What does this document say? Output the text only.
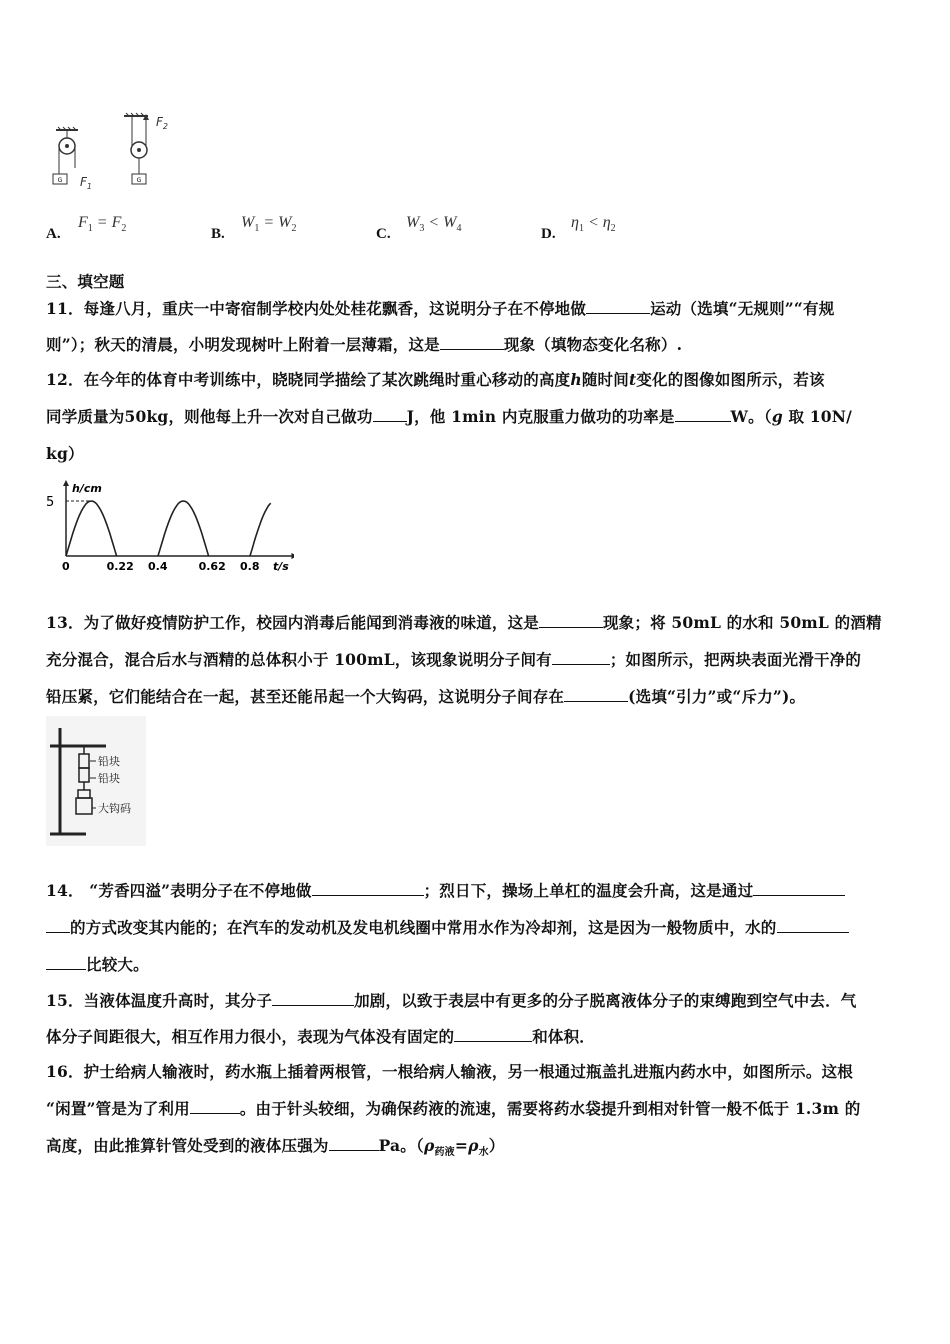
G $F_1$
G
$F_2$
A.
$F_1 = F_2$	B.
$W_1 = W_2$	C.
$W_3 < W_4$	D.
$\eta_1 < \eta_2$
三、填空题
11．每逢八月，重庆一中寄宿制学校内处处桂花飘香，这说明分子在不停地做	运动（选填“无规则”“有规
则”）；秋天的清晨，小明发现树叶上附着一层薄霜，这是	现象（填物态变化名称）.
12．在今年的体育中考训练中，晓晓同学描绘了某次跳绳时重心移动的高度h随时间t变化的图像如图所示，若该
同学质量为50kg，则他每上升一次对自己做功 J，他 1min 内克服重力做功的功率是	W。（g 取 10N/
kg）
h/cm
t/s
5
0	0.22 0.4	0.62 0.8
13．为了做好疫情防护工作，校园内消毒后能闻到消毒液的味道，这是	现象；将 50mL 的水和 50mL 的酒精
充分混合，混合后水与酒精的总体积小于 100mL，该现象说明分子间有	；如图所示，把两块表面光滑干净的
铅压紧，它们能结合在一起，甚至还能吊起一个大钩码，这说明分子间存在	(选填“引力”或“斥力”)。
铅块
铅块
大钩码
14． “芳香四溢”表明分子在不停地做	；烈日下，操场上单杠的温度会升高，这是通过
的方式改变其内能的；在汽车的发动机及发电机线圈中常用水作为冷却剂，这是因为一般物质中，水的
比较大。
15．当液体温度升高时，其分子	加剧，以致于表层中有更多的分子脱离液体分子的束缚跑到空气中去．气
体分子间距很大，相互作用力很小，表现为气体没有固定的	和体积．
16．护士给病人输液时，药水瓶上插着两根管，一根给病人输液，另一根通过瓶盖扎进瓶内药水中，如图所示。这根
“闲置”管是为了利用	。由于针头较细，为确保药液的流速，需要将药水袋提升到相对针管一般不低于 1.3m 的
高度，由此推算针管处受到的液体压强为	Pa。$(\rho_{药液}=\rho_水)$
